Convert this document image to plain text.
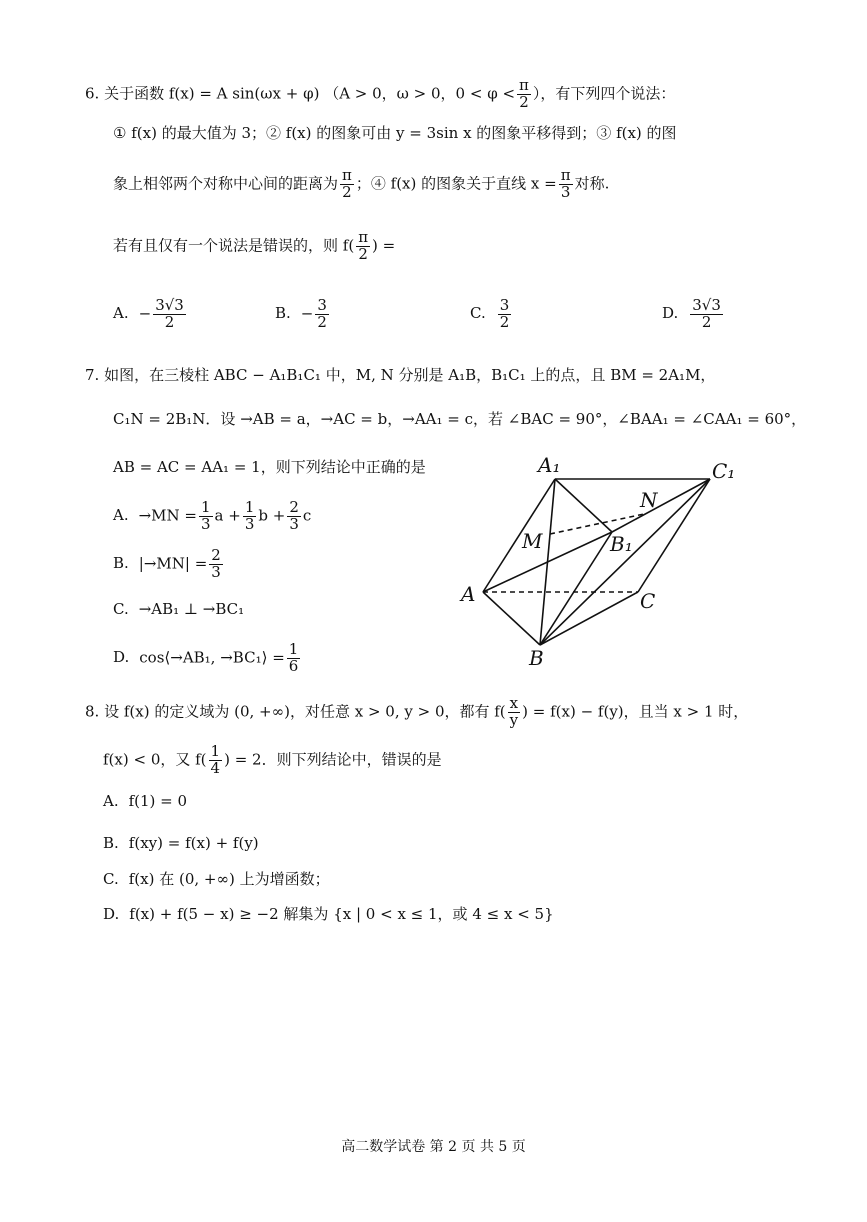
6. 关于函数 f(x) = A sin(ωx + φ) （A > 0，ω > 0，$0 < \varphi < \frac{\pi}{2}$ ），有下列四个说法：
① f(x) 的最大值为 3；② f(x) 的图象可由 y = 3sin x 的图象平移得到；③ f(x) 的图
象上相邻两个对称中心间的距离为 $\frac{\pi}{2}$ ；④ f(x) 的图象关于直线 $x = \frac{\pi}{3}$ 对称.
若有且仅有一个说法是错误的，则 $f( \frac{\pi}{2}$ ) =
A. − $\frac{3√3}{2}$	B. − $\frac{3}{2}$	C. $\frac{3}{2}$	D. $\frac{3√3}{2}$
7. 如图，在三棱柱 ABC − A₁B₁C₁ 中，M, N 分别是 A₁B，B₁C₁ 上的点，且 BM = 2A₁M，
C₁N = 2B₁N．设 →AB = a，→AC = b，→AA₁ = c，若 ∠BAC = 90°，∠BAA₁ = ∠CAA₁ = 60°，
AB = AC = AA₁ = 1，则下列结论中正确的是
A. $\to MN = \frac{1}{3}$ $a + \frac{1}{3}$ $b + \frac{2}{3}$ c
B. $|\to MN| = \frac{2}{3}$
C. →AB₁ ⊥ →BC₁
D. cos⟨→AB₁, →BC₁⟩ = $\frac{1}{6}$
A₁	C₁
N
M	B₁
A	C
B
8. 设 f(x) 的定义域为 (0, +∞)，对任意 x > 0, y > 0，都有 $f( \frac{x}{y}$ ) = f(x) − f(y)，且当 x > 1 时，
f(x) < 0，又 $f( \frac{1}{4}$ ) = 2．则下列结论中，错误的是
A. f(1) = 0
B. f(xy) = f(x) + f(y)
C. f(x) 在 (0, +∞) 上为增函数；
D. f(x) + f(5 − x) ≥ −2 解集为 {x | 0 < x ≤ 1，或 4 ≤ x < 5}
高二数学试卷 第 2 页 共 5 页
